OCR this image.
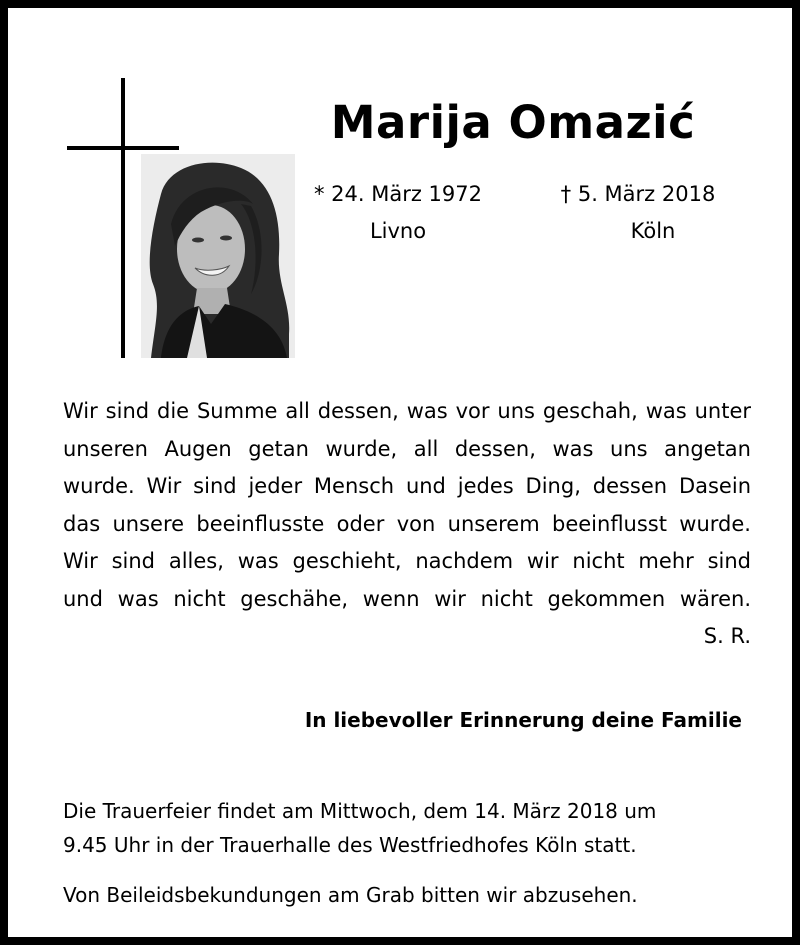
Marija Omazić
* 24. März 1972
Livno
† 5. März 2018
Köln
Wir sind die Summe all dessen, was vor uns geschah, was unter
unseren Augen getan wurde, all dessen, was uns angetan
wurde. Wir sind jeder Mensch und jedes Ding, dessen Dasein
das unsere beeinflusste oder von unserem beeinflusst wurde.
Wir sind alles, was geschieht, nachdem wir nicht mehr sind
und was nicht geschähe, wenn wir nicht gekommen wären.
S. R.
In liebevoller Erinnerung deine Familie
Die Trauerfeier findet am Mittwoch, dem 14. März 2018 um
9.45 Uhr in der Trauerhalle des Westfriedhofes Köln statt.
Von Beileidsbekundungen am Grab bitten wir abzusehen.
